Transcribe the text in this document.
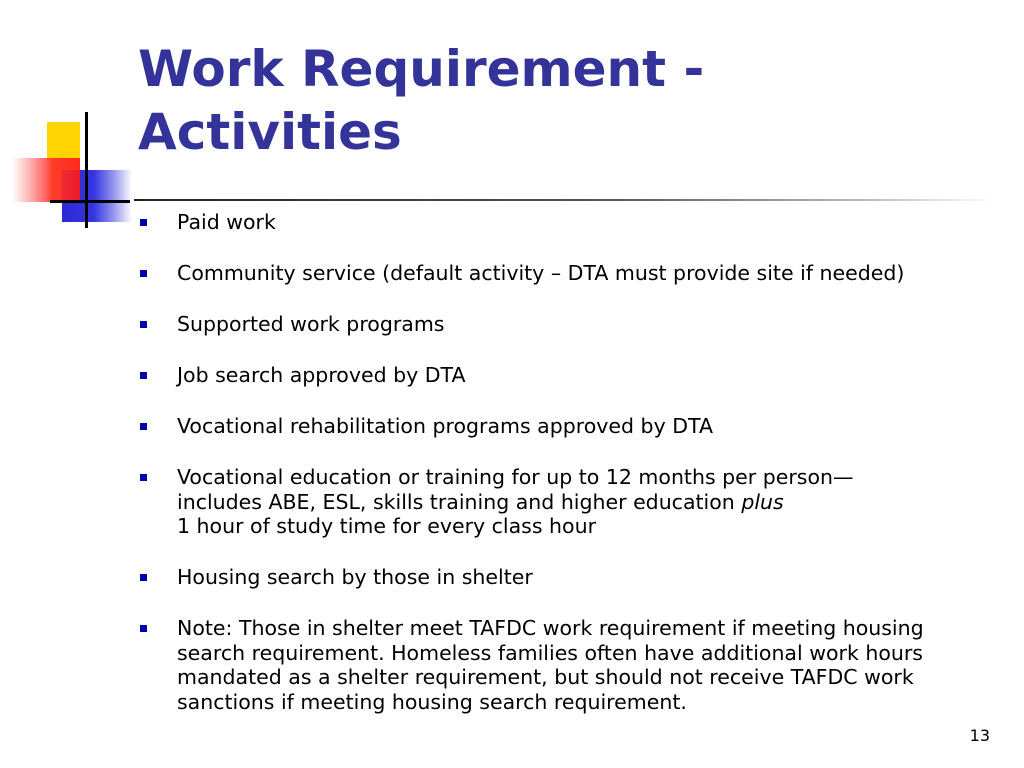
Work Requirement -
Activities
Paid work
Community service (default activity – DTA must provide site if needed)
Supported work programs
Job search approved by DTA
Vocational rehabilitation programs approved by DTA
Vocational education or training for up to 12 months per person—
includes ABE, ESL, skills training and higher education plus
1 hour of study time for every class hour
Housing search by those in shelter
Note: Those in shelter meet TAFDC work requirement if meeting housing
search requirement. Homeless families often have additional work hours
mandated as a shelter requirement, but should not receive TAFDC work
sanctions if meeting housing search requirement.
13
